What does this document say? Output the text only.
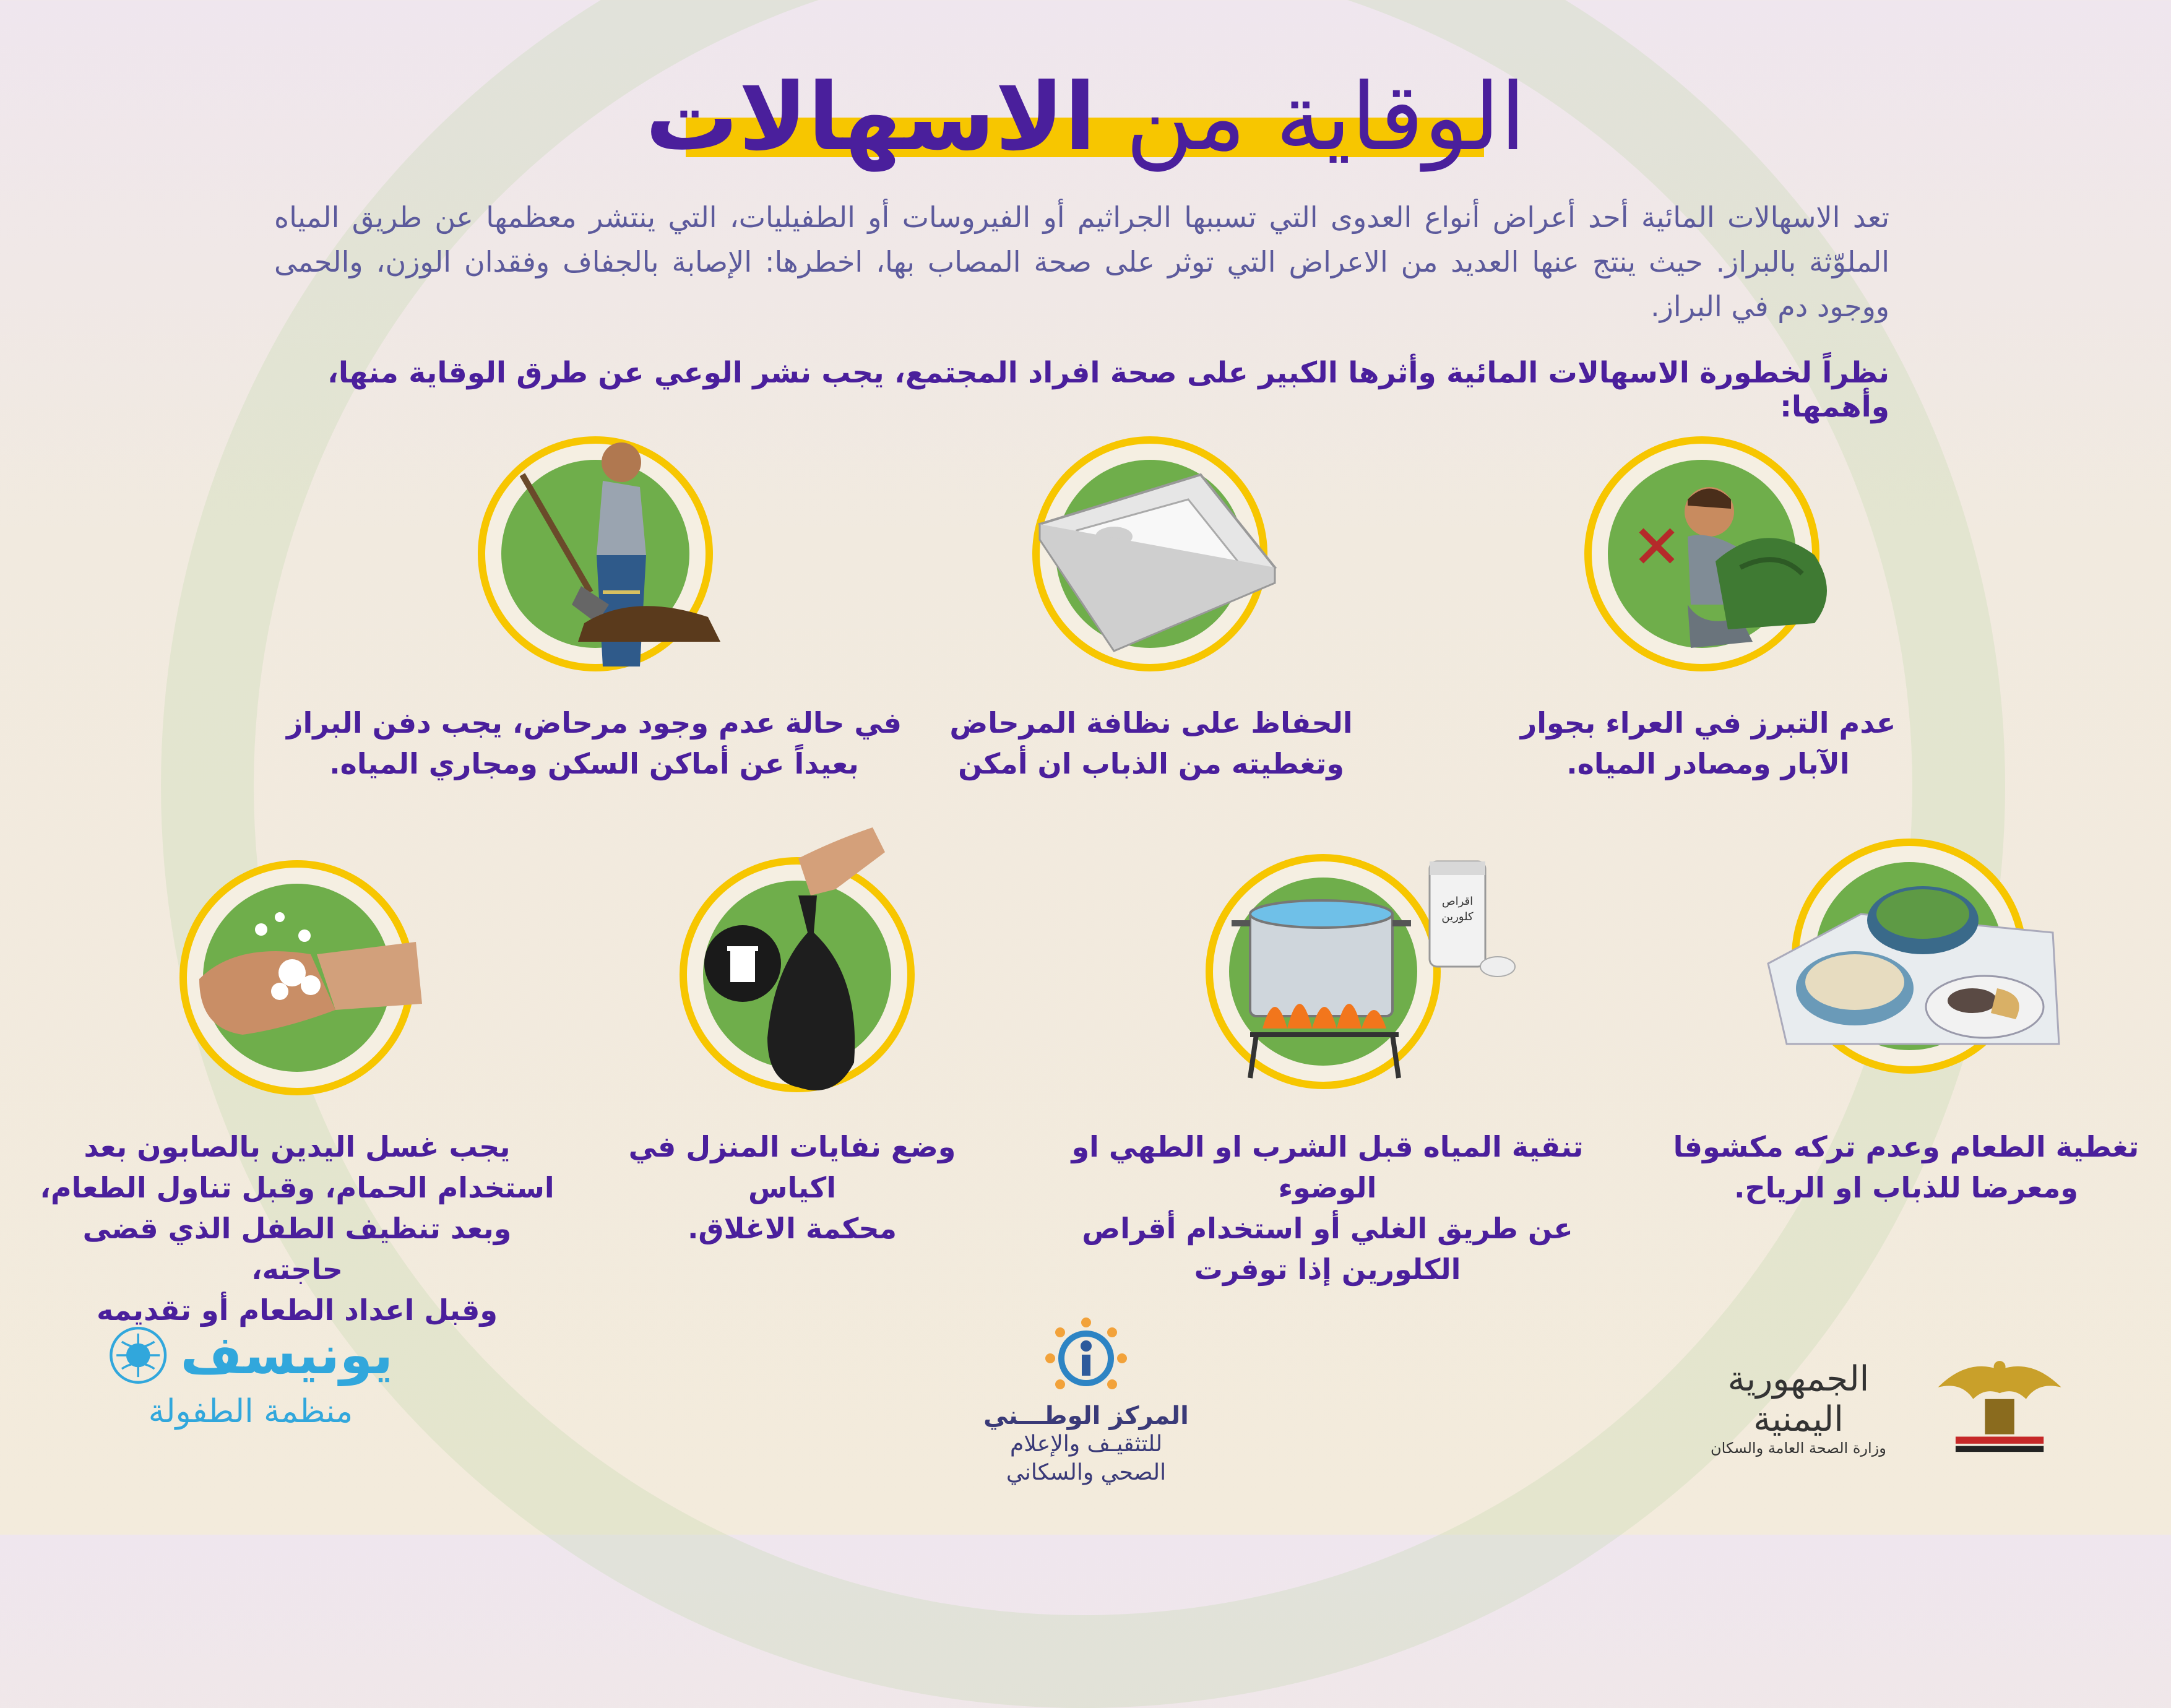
الوقاية من الاسهالات
تعد الاسهالات المائية أحد أعراض أنواع العدوى التي تسببها الجراثيم أو الفيروسات أو الطفيليات، التي ينتشر معظمها عن طريق المياه الملوّثة بالبراز. حيث ينتج عنها العديد من الاعراض التي توثر على صحة المصاب بها، اخطرها: الإصابة بالجفاف وفقدان الوزن، والحمى ووجود دم في البراز.
نظراً لخطورة الاسهالات المائية وأثرها الكبير على صحة افراد المجتمع، يجب نشر الوعي عن طرق الوقاية منها، وأهمها:
عدم التبرز في العراء بجوار
الآبار ومصادر المياه.
الحفاظ على نظافة المرحاض
وتغطيته من الذباب ان أمكن
في حالة عدم وجود مرحاض، يجب دفن البراز
بعيداً عن أماكن السكن ومجاري المياه.
تغطية الطعام وعدم تركه مكشوفا
ومعرضا للذباب او الرياح.
اقراص
كلورين
تنقية المياه قبل الشرب او الطهي او الوضوء
عن طريق الغلي أو استخدام أقراص
الكلورين إذا توفرت
وضع نفايات المنزل في اكياس
محكمة الاغلاق.
يجب غسل اليدين بالصابون بعد
استخدام الحمام، وقبل تناول الطعام،
وبعد تنظيف الطفل الذي قضى حاجته،
وقبل اعداد الطعام أو تقديمه
يونيسف
منظمة الطفولة	المركز الوطـــني
للتثقيـف والإعلام
الصحي والسكاني
الجمهورية اليمنية
وزارة الصحة العامة والسكان
